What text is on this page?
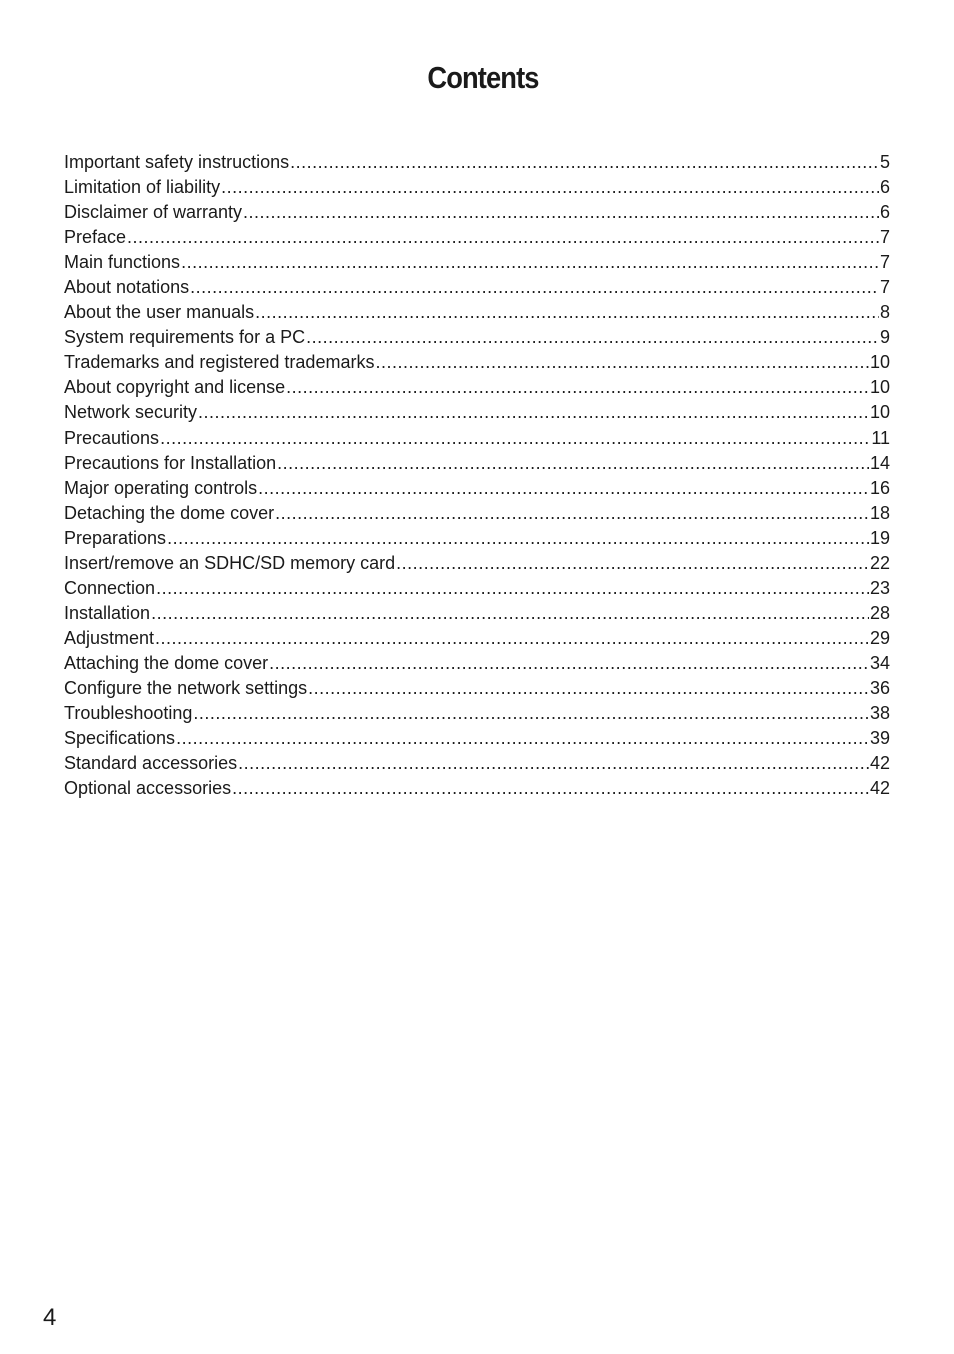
Contents
Important safety instructions .....	5
Limitation of liability .....	6
Disclaimer of warranty .....	6
Preface .....	7
Main functions .....	7
About notations .....	7
About the user manuals .....	8
System requirements for a PC .....	9
Trademarks and registered trademarks .....	10
About copyright and license .....	10
Network security .....	10
Precautions .....	11
Precautions for Installation .....	14
Major operating controls .....	16
Detaching the dome cover .....	18
Preparations .....	19
Insert/remove an SDHC/SD memory card .....	22
Connection .....	23
Installation .....	28
Adjustment .....	29
Attaching the dome cover .....	34
Configure the network settings .....	36
Troubleshooting .....	38
Specifications .....	39
Standard accessories .....	42
Optional accessories .....	42
4
